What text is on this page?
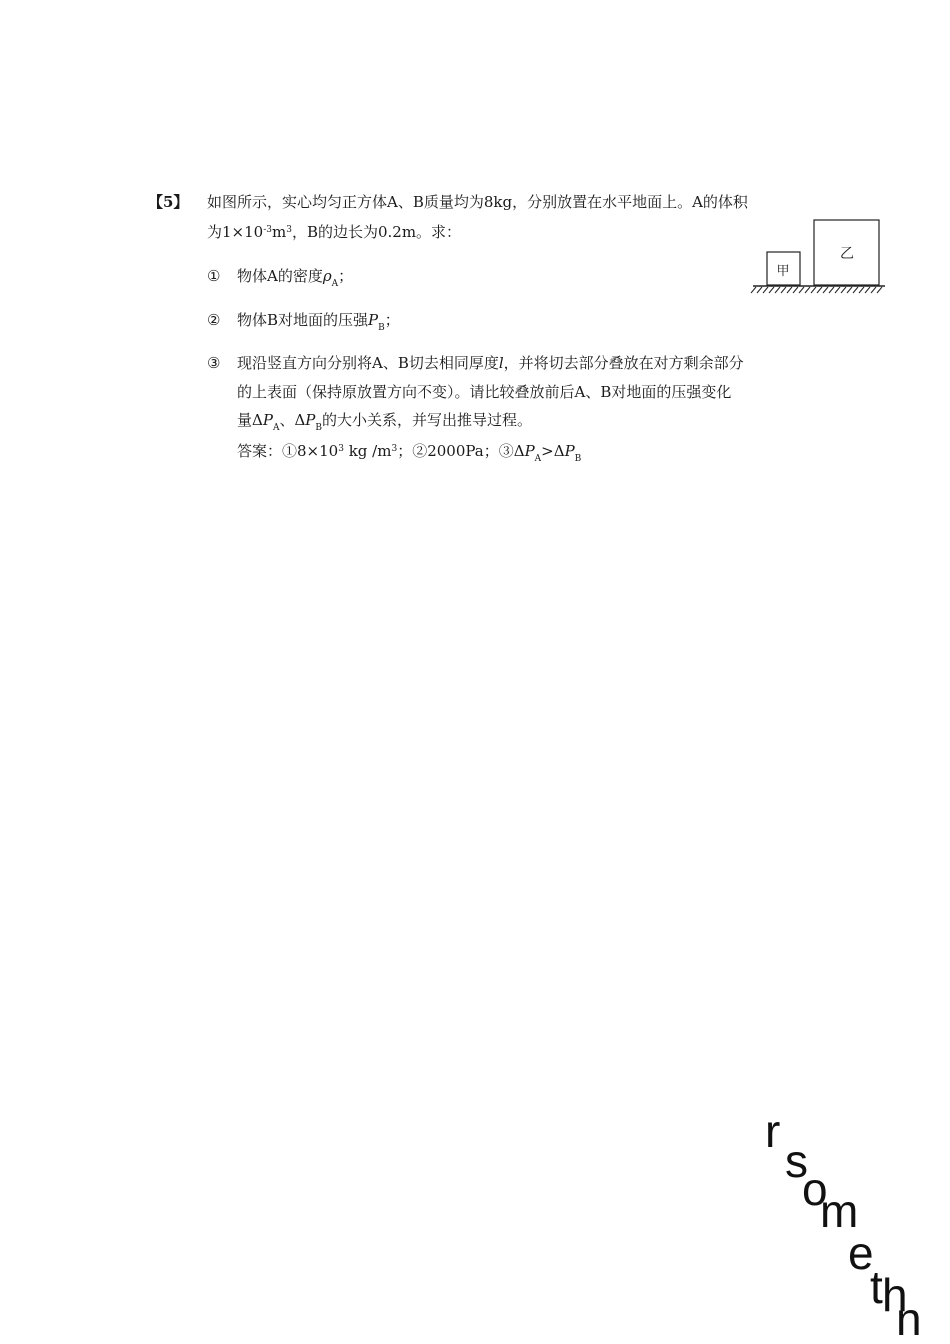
【5】 如图所示，实心均匀正方体A、B质量均为8kg，分别放置在水平地面上。A的体积
为$1\times 10^{-3}m^3$，B的边长为0.2m。求：
① 物体A的密度$\rho_A$；
② 物体B对地面的压强$P_B$；
③ 现沿竖直方向分别将A、B切去相同厚度l，并将切去部分叠放在对方剩余部分
的上表面（保持原放置方向不变）。请比较叠放前后A、B对地面的压强变化
量$\Delta P_A$、$\Delta P_B$的大小关系，并写出推导过程。
答案：$①8\times 10^3$ kg $/m^3$；②2000Pa；$③\Delta P_A>\Delta P_B$
甲
乙
r
s
o
m
e
t h
n
